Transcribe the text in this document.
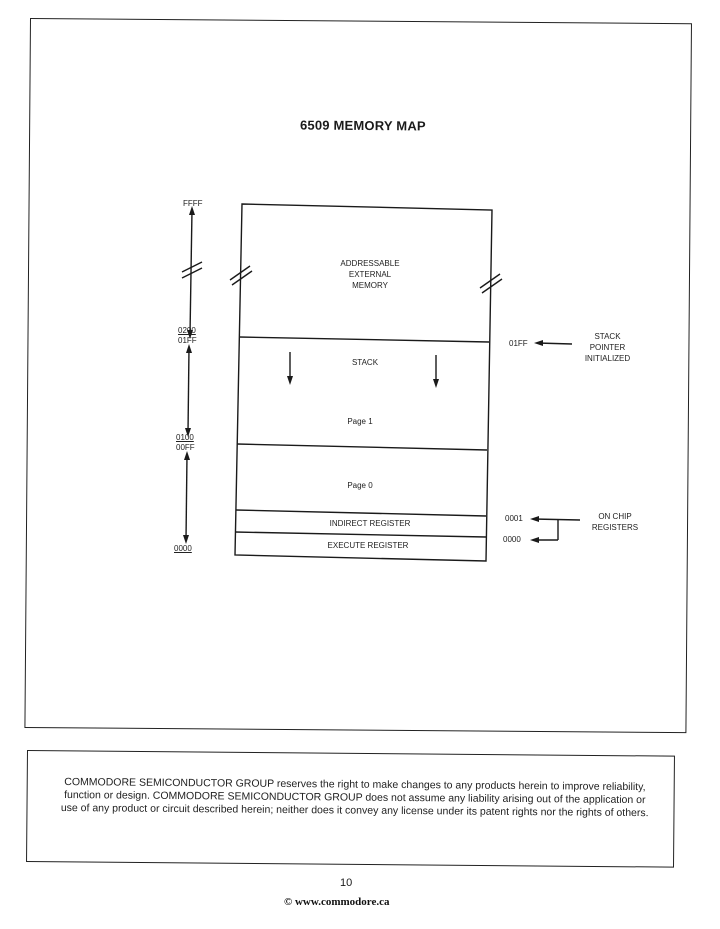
6509 MEMORY MAP
FFFF
0200
01FF
0100
00FF
0000
ADDRESSABLE
EXTERNAL
MEMORY
STACK
Page 1
Page 0
INDIRECT REGISTER
EXECUTE REGISTER
01FF
STACK
POINTER
INITIALIZED
0001
0000
ON CHIP
REGISTERS
COMMODORE SEMICONDUCTOR GROUP reserves the right to make changes to any products herein to improve reliability, function or design. COMMODORE SEMICONDUCTOR GROUP does not assume any liability arising out of the application or use of any product or circuit described herein; neither does it convey any license under its patent rights nor the rights of others.
10
© www.commodore.ca
